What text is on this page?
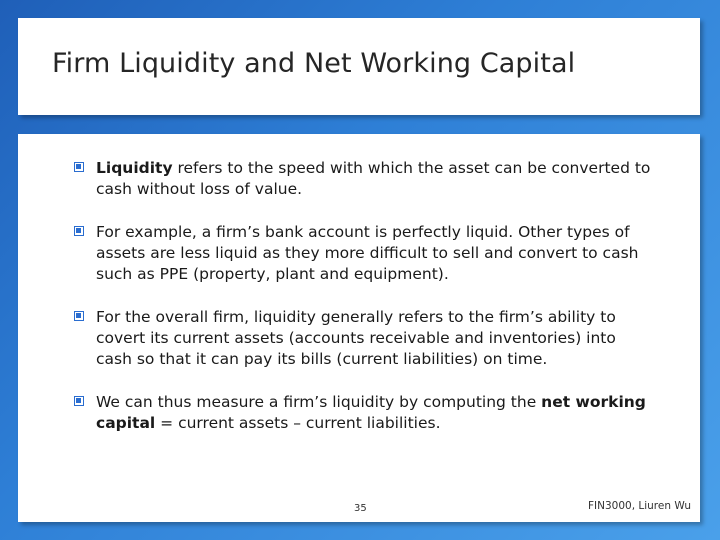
Firm Liquidity and Net Working Capital
Liquidity refers to the speed with which the asset can be converted to cash without loss of value.
For example, a firm’s bank account is perfectly liquid. Other types of assets are less liquid as they more difficult to sell and convert to cash such as PPE (property, plant and equipment).
For the overall firm, liquidity generally refers to the firm’s ability to covert its current assets (accounts receivable and inventories) into cash so that it can pay its bills (current liabilities) on time.
We can thus measure a firm’s liquidity by computing the net working capital = current assets – current liabilities.
35	FIN3000, Liuren Wu
